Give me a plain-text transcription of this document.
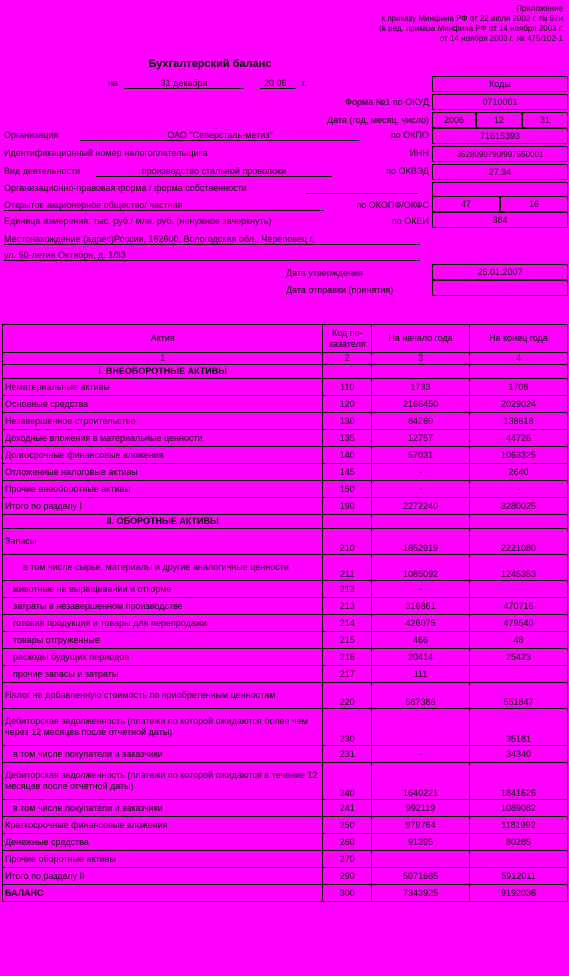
Приложение
к приказу Минфина РФ от 22 июля 2003 г. № 67н
(в ред. приказа Минфина РФ от 14 ноября 2003 г.
от 14 ноября 2003 г. № 475/102-1
Бухгалтерский баланс
на	31 декабря	20 06 г.	Коды
Форма №1 по ОКУД	0710001
Дата (год, месяц, число)	2006	12	31
Организация	ОАО "Северсталь-метиз"	по ОКПО	71615393
Идентификационный номер налогоплательщика	ИНН	3528090790/997550001
Вид деятельности	производство стальной проволоки	по ОКВЭД	27.34
Организационно-правовая форма / форма собственности
Открытое акционерное общество/ частная	по ОКОПФ/ОКФС	47	16
Единица измерения: тыс. руб./ млн. руб. (ненужное зачеркнуть)	по ОКЕИ	384
Местонахождение (адрес)Россия, 162600, Вологодская обл., Череповец г,
ул. 50-летия Октября, д. 1/33
Дата утверждения	25.01.2007
Дата отправки (принятия)
Актив	Код по-казателя	На начало года	На конец года
1	2	3	4
I. ВНЕОБОРОТНЫЕ АКТИВЫ			
Нематериальные активы	110	1733	1706
Основные средства	120	2166450	2029024
Незавершенное строительство	130	84269	138618
Доходные вложения в материальные ценности	135	12757	44726
Долгосрочные финансовые вложения	140	57031	1063325
Отложенные налоговые активы	145	-	2640
Прочие внеоборотные активы	150	-	-
Итого по разделу I	190	2272240	3280025
II. ОБОРОТНЫЕ АКТИВЫ			
Запасы	210	1852919	2221080
в том числе сырье, материалы и другие аналогичные ценности	211	1085092	1245353
животные на выращивании и откорме	212	-	
затраты в незавершенном производстве	213	319861	470716
готовая продукция и товары для перепродажи	214	426075	479540
товары отгруженные	215	466	48
расходы будущих периодов	216	20414	25423
прочие запасы и затраты	217	111	
Налог на добавленную стоимость по приобретенным ценностям	220	567386	551847
Дебиторская задолженность (платежи по которой ожидаются более чем через 12 месяцев после отчетной даты)	230		35181
в том числе покупатели и заказчики	231	-	34340
Дебиторская задолженность (платежи по которой ожидаются в течение 12 месяцев после отчетной даты)	240	1640221	1841626
в том числе покупатели и заказчики	241	992119	1089082
Краткосрочные финансовые вложения	250	979764	1181992
Денежные средства	260	91395	80285
Прочие оборотные активы	270		
Итого по разделу II	290	5071685	5912011
БАЛАНС	300	7343925	9192036
